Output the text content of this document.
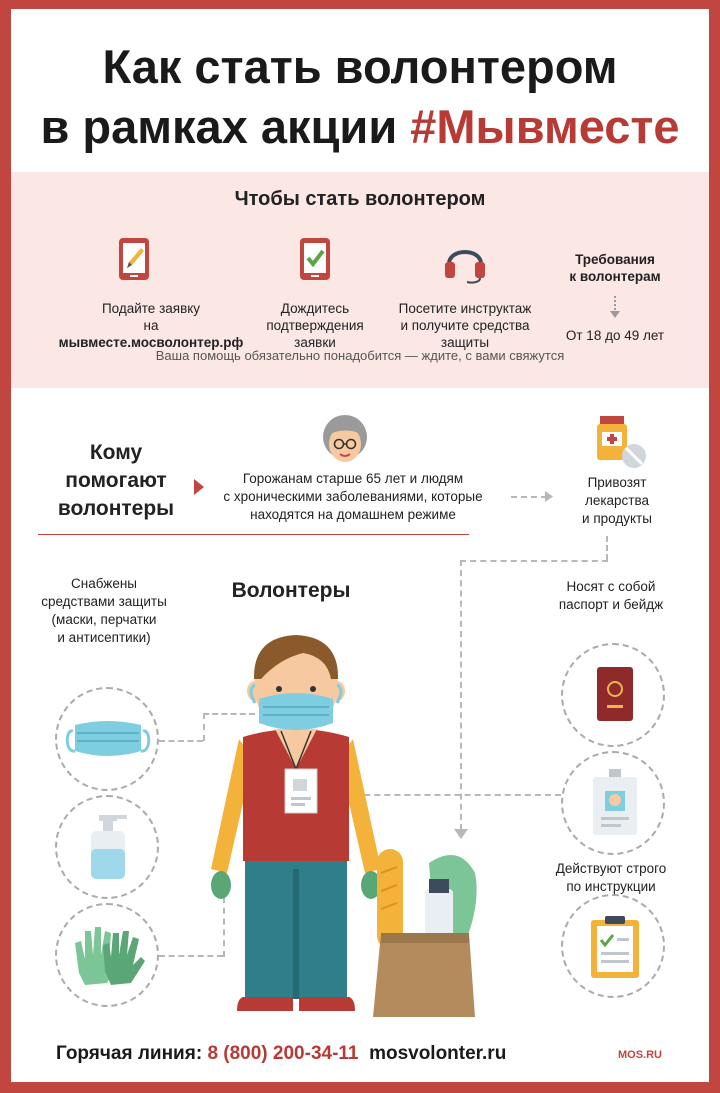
Как стать волонтером
в рамках акции #Мывместе
Чтобы стать волонтером
Подайте заявку
на мывместе.мосволонтер.рф
Дождитесь
подтверждения
заявки
Посетите инструктаж
и получите средства
защиты
Требования
к волонтерам
От 18 до 49 лет
Ваша помощь обязательно понадобится — ждите, с вами свяжутся
Кому
помогают
волонтеры
Горожанам старше 65 лет и людям
с хроническими заболеваниями, которые
находятся на домашнем режиме
Привозят
лекарства
и продукты
Волонтеры
Снабжены
средствами защиты
(маски, перчатки
и антисептики)
Носят с собой
паспорт и бейдж
Действуют строго
по инструкции
Горячая линия: 8 (800) 200-34-11 mosvolonter.ru	MOS.RU
